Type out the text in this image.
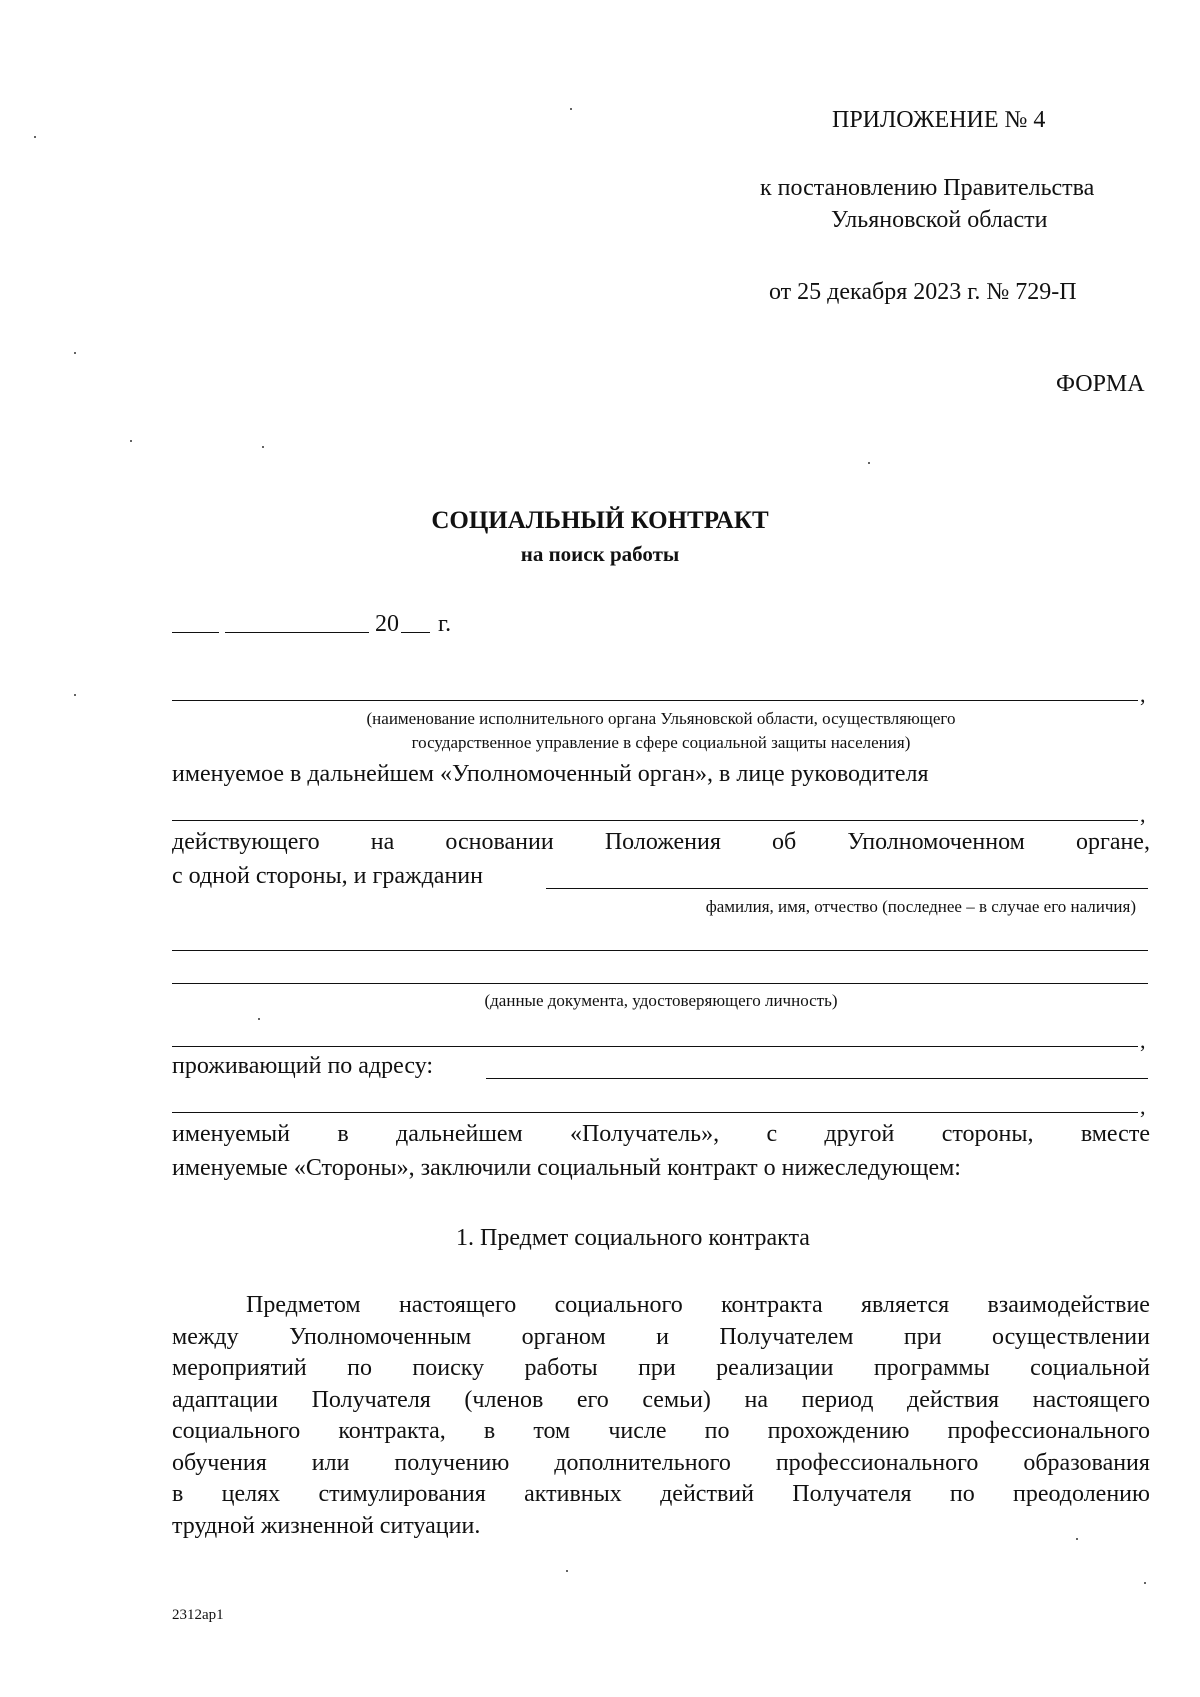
ПРИЛОЖЕНИЕ № 4
к постановлению Правительства
Ульяновской области
от 25 декабря 2023 г. № 729-П
ФОРМА
СОЦИАЛЬНЫЙ КОНТРАКТ
на поиск работы
20 г.
,
(наименование исполнительного органа Ульяновской области, осуществляющего
государственное управление в сфере социальной защиты населения)
именуемое в дальнейшем «Уполномоченный орган», в лице руководителя
,
действующего на основании Положения об Уполномоченном органе,
с одной стороны, и гражданин
фамилия, имя, отчество (последнее – в случае его наличия)
(данные документа, удостоверяющего личность)
,
проживающий по адресу:
,
именуемый в дальнейшем «Получатель», с другой стороны, вместе
именуемые «Стороны», заключили социальный контракт о нижеследующем:
1. Предмет социального контракта
Предметом настоящего социального контракта является взаимодействие
между Уполномоченным органом и Получателем при осуществлении
мероприятий по поиску работы при реализации программы социальной
адаптации Получателя (членов его семьи) на период действия настоящего
социального контракта, в том числе по прохождению профессионального
обучения или получению дополнительного профессионального образования
в целях стимулирования активных действий Получателя по преодолению
трудной жизненной ситуации.
2312ap1
